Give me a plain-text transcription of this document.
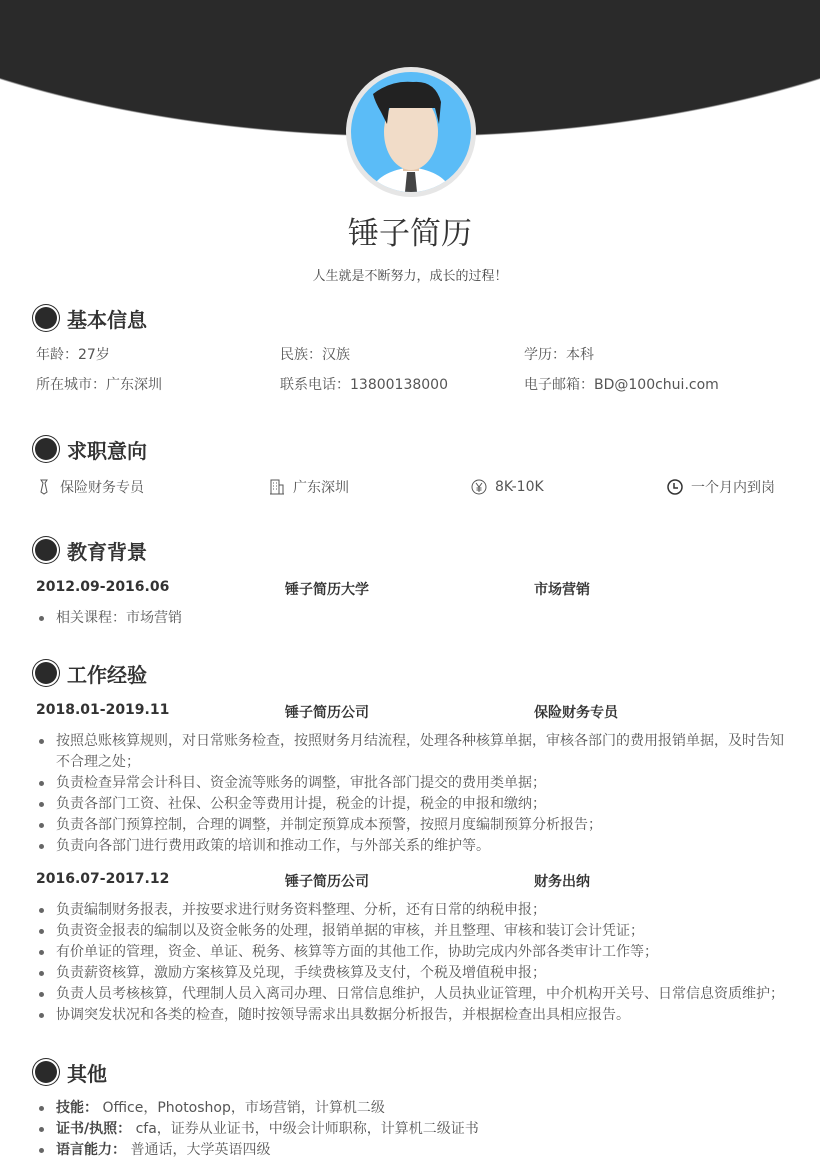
锤子简历
人生就是不断努力，成长的过程！
基本信息
年龄：27岁	民族：汉族	学历：本科
所在城市：广东深圳	联系电话：13800138000	电子邮箱：BD@100chui.com
求职意向
保险财务专员	广东深圳	8K-10K	一个月内到岗
教育背景
2012.09-2016.06	锤子简历大学	市场营销
相关课程：市场营销
工作经验
2018.01-2019.11	锤子简历公司	保险财务专员
按照总账核算规则，对日常账务检查，按照财务月结流程，处理各种核算单据，审核各部门的费用报销单据，及时告知不合理之处；
负责检查异常会计科目、资金流等账务的调整，审批各部门提交的费用类单据；
负责各部门工资、社保、公积金等费用计提，税金的计提，税金的申报和缴纳；
负责各部门预算控制，合理的调整，并制定预算成本预警，按照月度编制预算分析报告；
负责向各部门进行费用政策的培训和推动工作，与外部关系的维护等。
2016.07-2017.12	锤子简历公司	财务出纳
负责编制财务报表，并按要求进行财务资料整理、分析，还有日常的纳税申报；
负责资金报表的编制以及资金帐务的处理，报销单据的审核，并且整理、审核和装订会计凭证；
有价单证的管理，资金、单证、税务、核算等方面的其他工作，协助完成内外部各类审计工作等；
负责薪资核算，激励方案核算及兑现，手续费核算及支付，个税及增值税申报；
负责人员考核核算，代理制人员入离司办理、日常信息维护，人员执业证管理，中介机构开关号、日常信息资质维护；
协调突发状况和各类的检查，随时按领导需求出具数据分析报告，并根据检查出具相应报告。
其他
技能： Office，Photoshop，市场营销，计算机二级
证书/执照： cfa，证券从业证书，中级会计师职称，计算机二级证书
语言能力： 普通话，大学英语四级
